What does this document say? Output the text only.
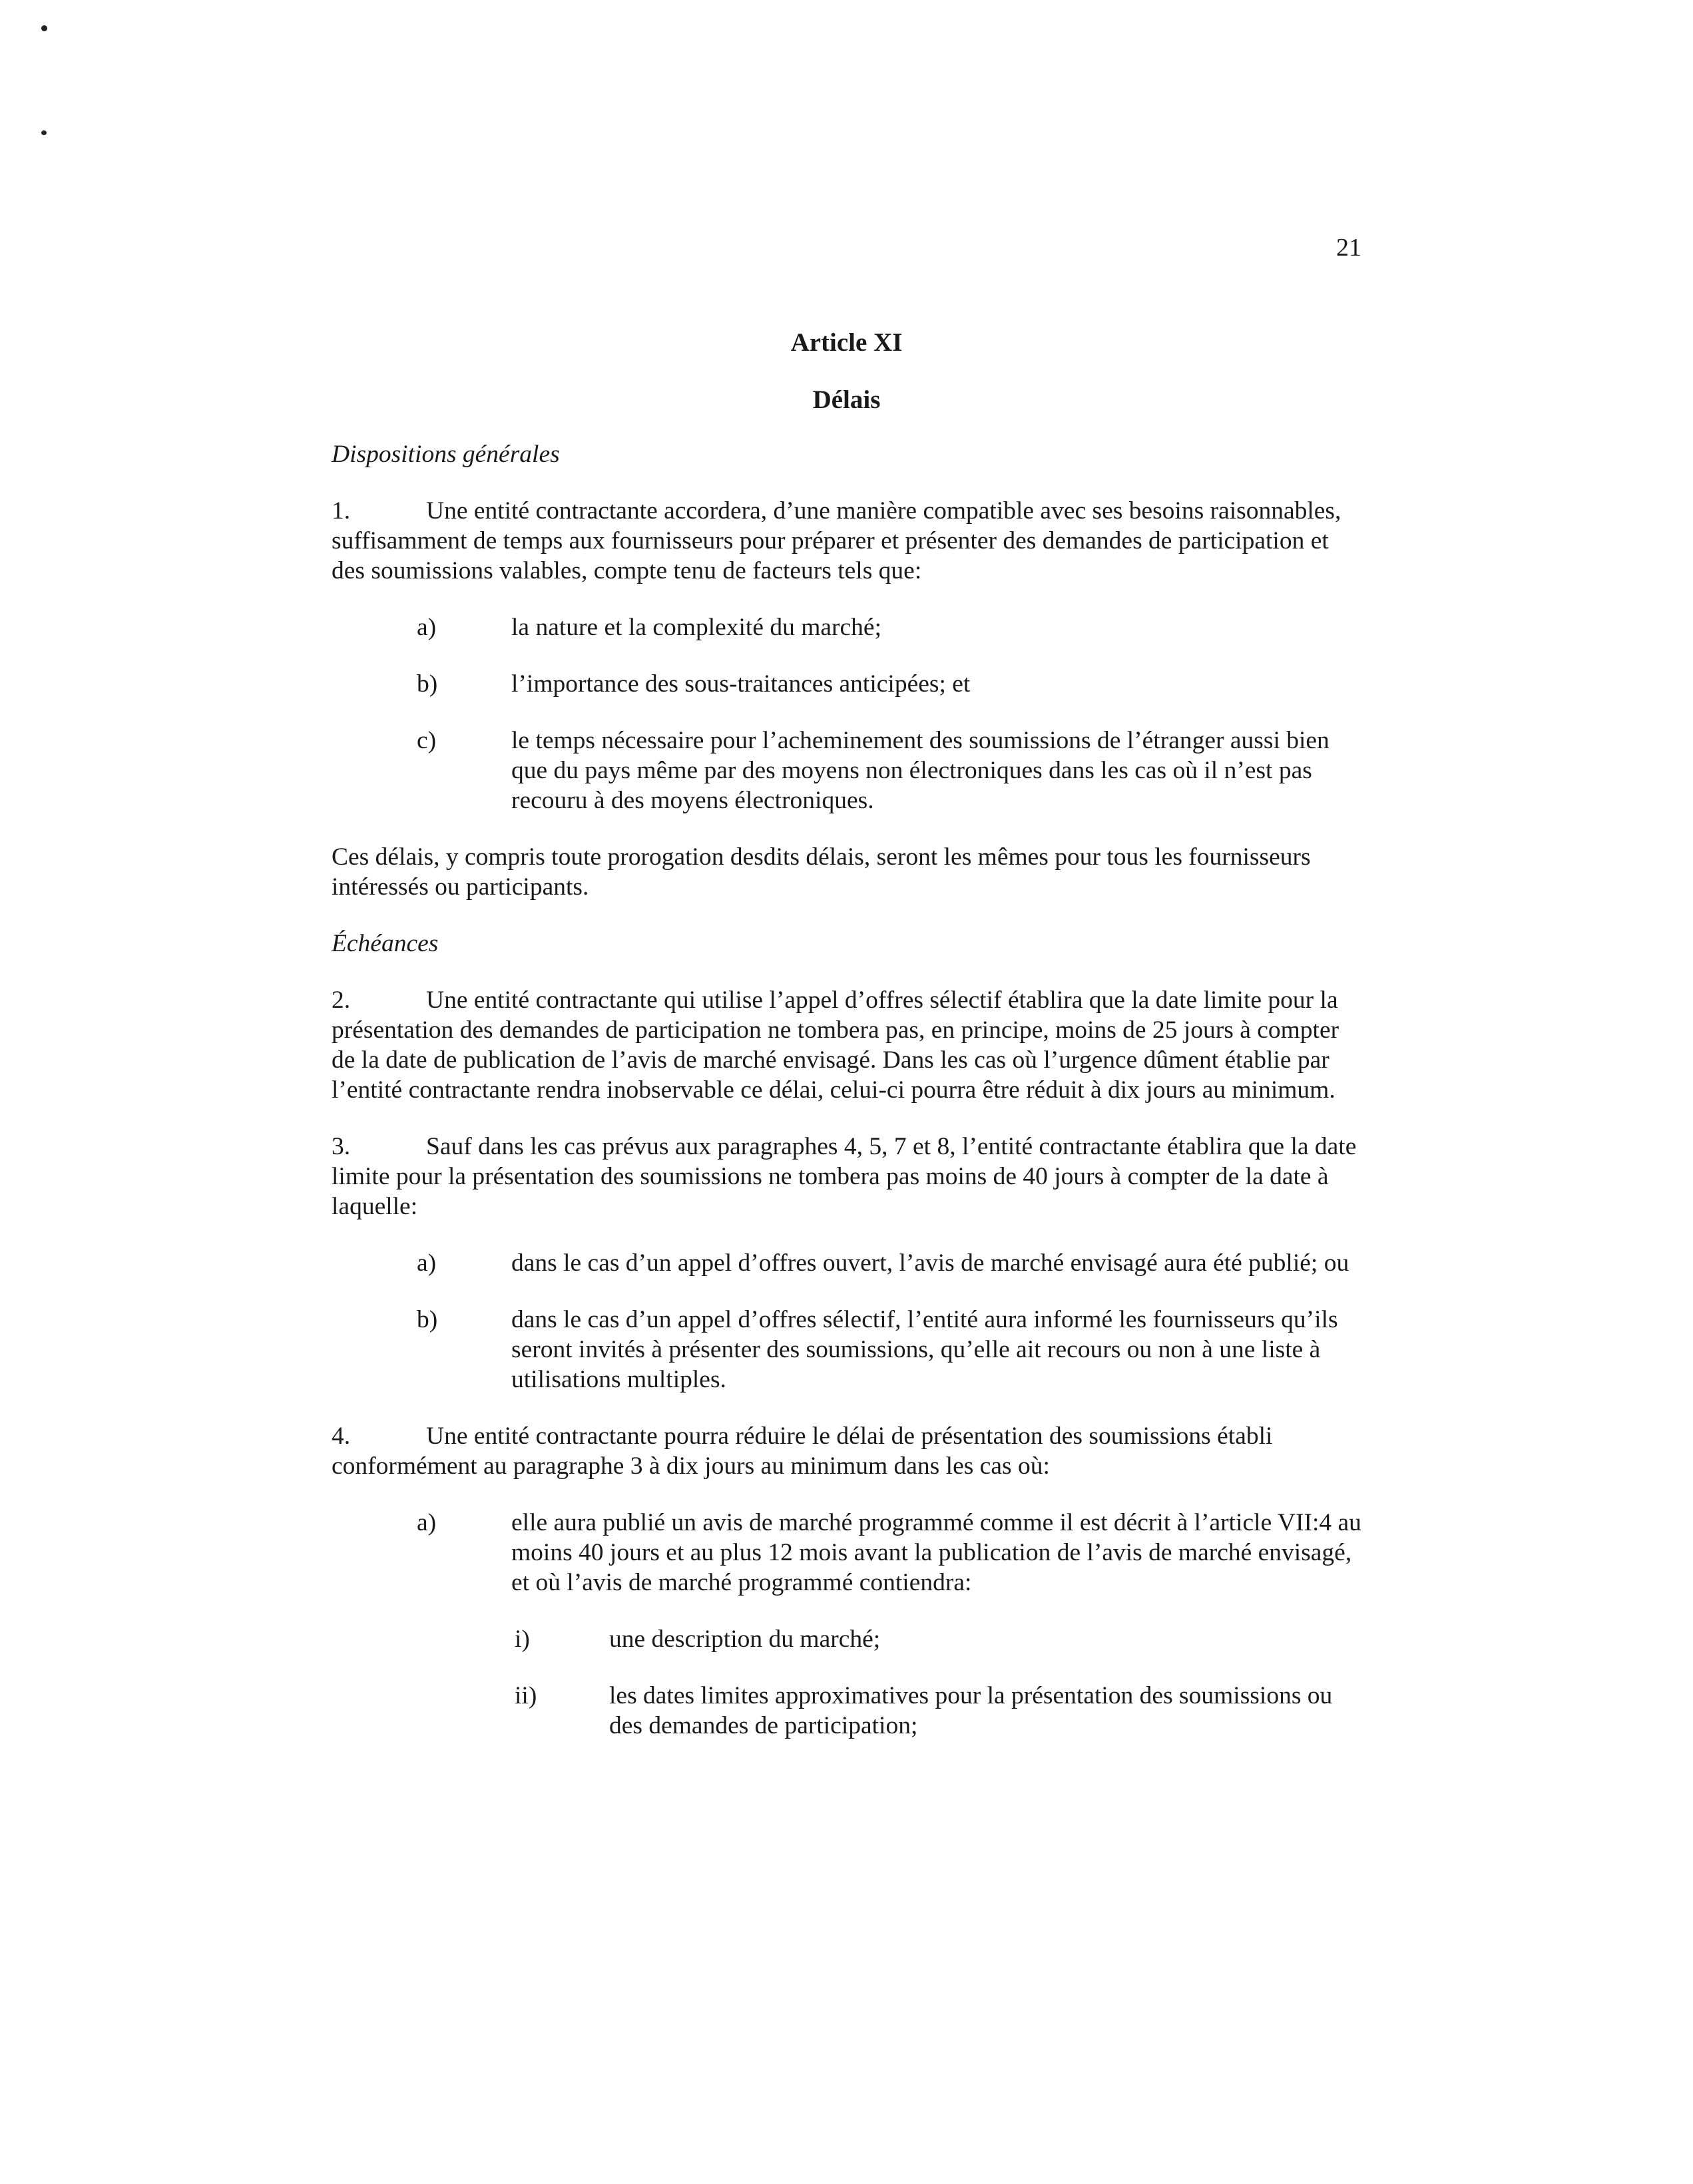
21
Article XI
Délais
Dispositions générales
1.	Une entité contractante accordera, d’une manière compatible avec ses besoins raisonnables, suffisamment de temps aux fournisseurs pour préparer et présenter des demandes de participation et des soumissions valables, compte tenu de facteurs tels que:
a)	la nature et la complexité du marché;
b)	l’importance des sous-traitances anticipées; et
c)	le temps nécessaire pour l’acheminement des soumissions de l’étranger aussi bien que du pays même par des moyens non électroniques dans les cas où il n’est pas recouru à des moyens électroniques.
Ces délais, y compris toute prorogation desdits délais, seront les mêmes pour tous les fournisseurs intéressés ou participants.
Échéances
2.	Une entité contractante qui utilise l’appel d’offres sélectif établira que la date limite pour la présentation des demandes de participation ne tombera pas, en principe, moins de 25 jours à compter de la date de publication de l’avis de marché envisagé. Dans les cas où l’urgence dûment établie par l’entité contractante rendra inobservable ce délai, celui-ci pourra être réduit à dix jours au minimum.
3.	Sauf dans les cas prévus aux paragraphes 4, 5, 7 et 8, l’entité contractante établira que la date limite pour la présentation des soumissions ne tombera pas moins de 40 jours à compter de la date à laquelle:
a)	dans le cas d’un appel d’offres ouvert, l’avis de marché envisagé aura été publié; ou
b)	dans le cas d’un appel d’offres sélectif, l’entité aura informé les fournisseurs qu’ils seront invités à présenter des soumissions, qu’elle ait recours ou non à une liste à utilisations multiples.
4.	Une entité contractante pourra réduire le délai de présentation des soumissions établi conformément au paragraphe 3 à dix jours au minimum dans les cas où:
a)	elle aura publié un avis de marché programmé comme il est décrit à l’article VII:4 au moins 40 jours et au plus 12 mois avant la publication de l’avis de marché envisagé, et où l’avis de marché programmé contiendra:
i)	une description du marché;
ii)	les dates limites approximatives pour la présentation des soumissions ou des demandes de participation;
